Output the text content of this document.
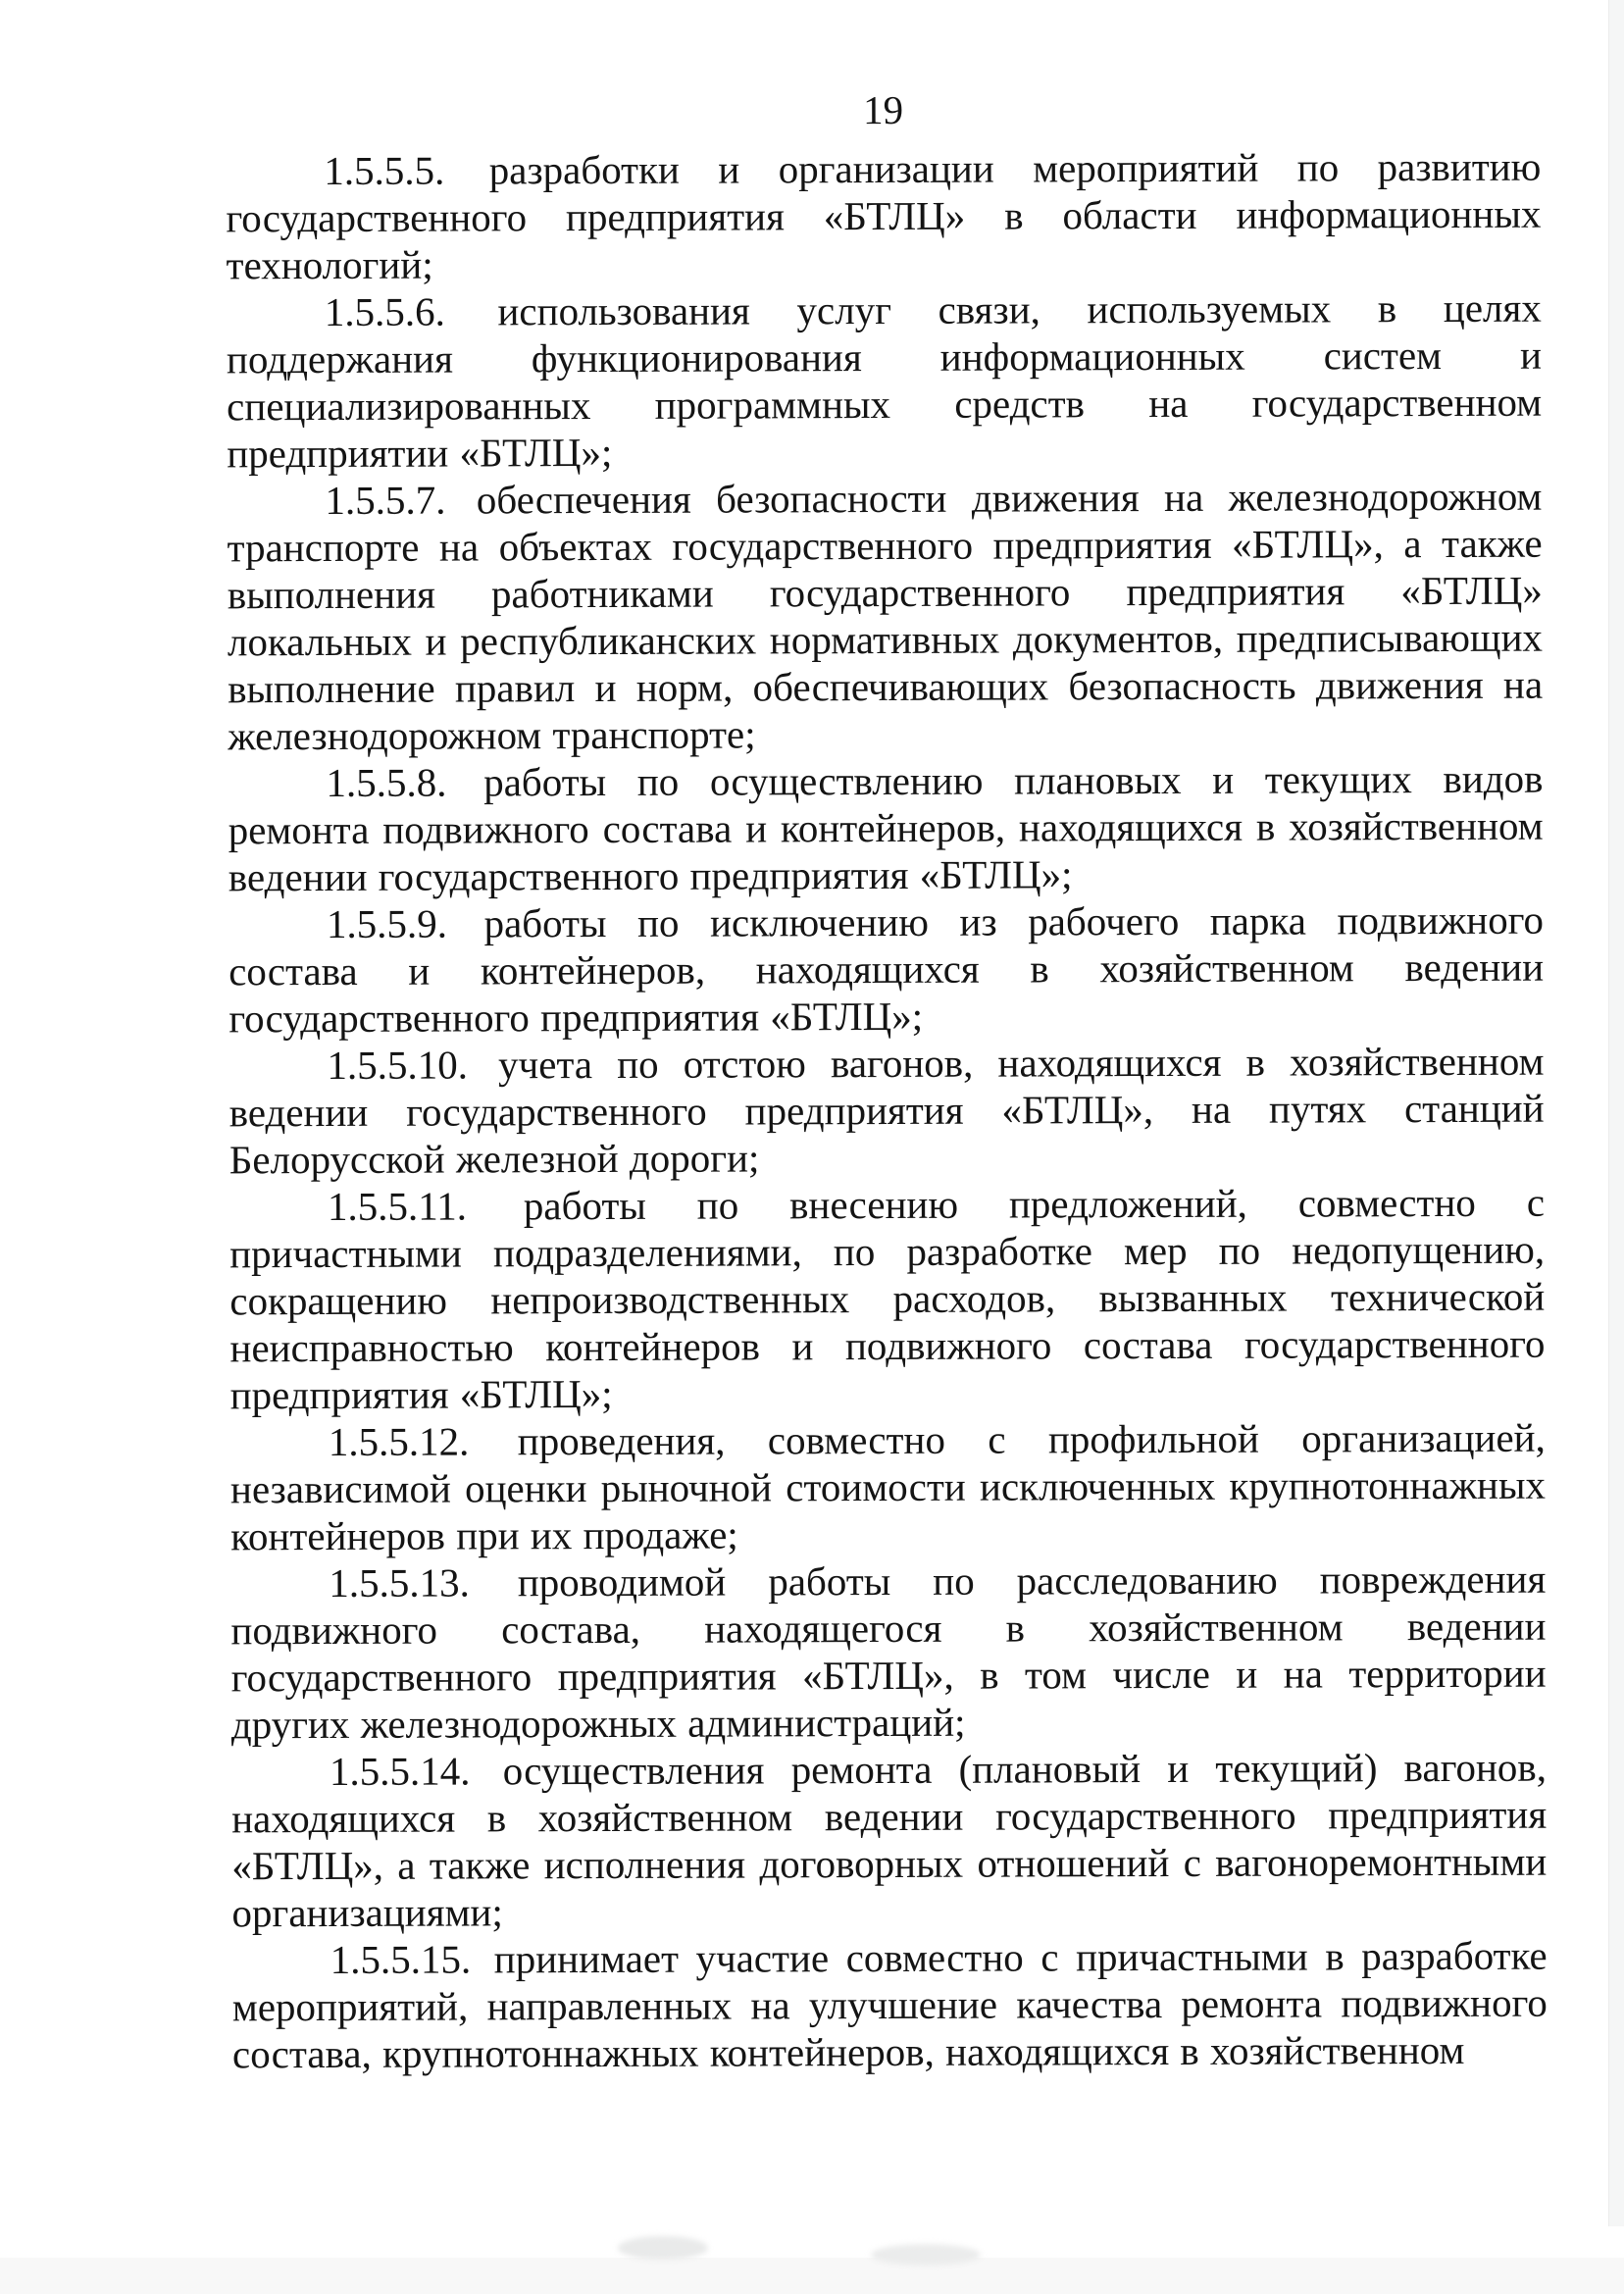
19

1.5.5.5. разработки и организации мероприятий по развитию государственного предприятия «БТЛЦ» в области информационных технологий;

1.5.5.6. использования услуг связи, используемых в целях поддержания функционирования информационных систем и специализированных программных средств на государственном предприятии «БТЛЦ»;

1.5.5.7. обеспечения безопасности движения на железнодорожном транспорте на объектах государственного предприятия «БТЛЦ», а также выполнения работниками государственного предприятия «БТЛЦ» локальных и республиканских нормативных документов, предписывающих выполнение правил и норм, обеспечивающих безопасность движения на железнодорожном транспорте;

1.5.5.8. работы по осуществлению плановых и текущих видов ремонта подвижного состава и контейнеров, находящихся в хозяйственном ведении государственного предприятия «БТЛЦ»;

1.5.5.9. работы по исключению из рабочего парка подвижного состава и контейнеров, находящихся в хозяйственном ведении государственного предприятия «БТЛЦ»;

1.5.5.10. учета по отстою вагонов, находящихся в хозяйственном ведении государственного предприятия «БТЛЦ», на путях станций Белорусской железной дороги;

1.5.5.11. работы по внесению предложений, совместно с причастными подразделениями, по разработке мер по недопущению, сокращению непроизводственных расходов, вызванных технической неисправностью контейнеров и подвижного состава государственного предприятия «БТЛЦ»;

1.5.5.12. проведения, совместно с профильной организацией, независимой оценки рыночной стоимости исключенных крупнотоннажных контейнеров при их продаже;

1.5.5.13. проводимой работы по расследованию повреждения подвижного состава, находящегося в хозяйственном ведении государственного предприятия «БТЛЦ», в том числе и на территории других железнодорожных администраций;

1.5.5.14. осуществления ремонта (плановый и текущий) вагонов, находящихся в хозяйственном ведении государственного предприятия «БТЛЦ», а также исполнения договорных отношений с вагоноремонтными организациями;

1.5.5.15. принимает участие совместно с причастными в разработке мероприятий, направленных на улучшение качества ремонта подвижного состава, крупнотоннажных контейнеров, находящихся в хозяйственном
